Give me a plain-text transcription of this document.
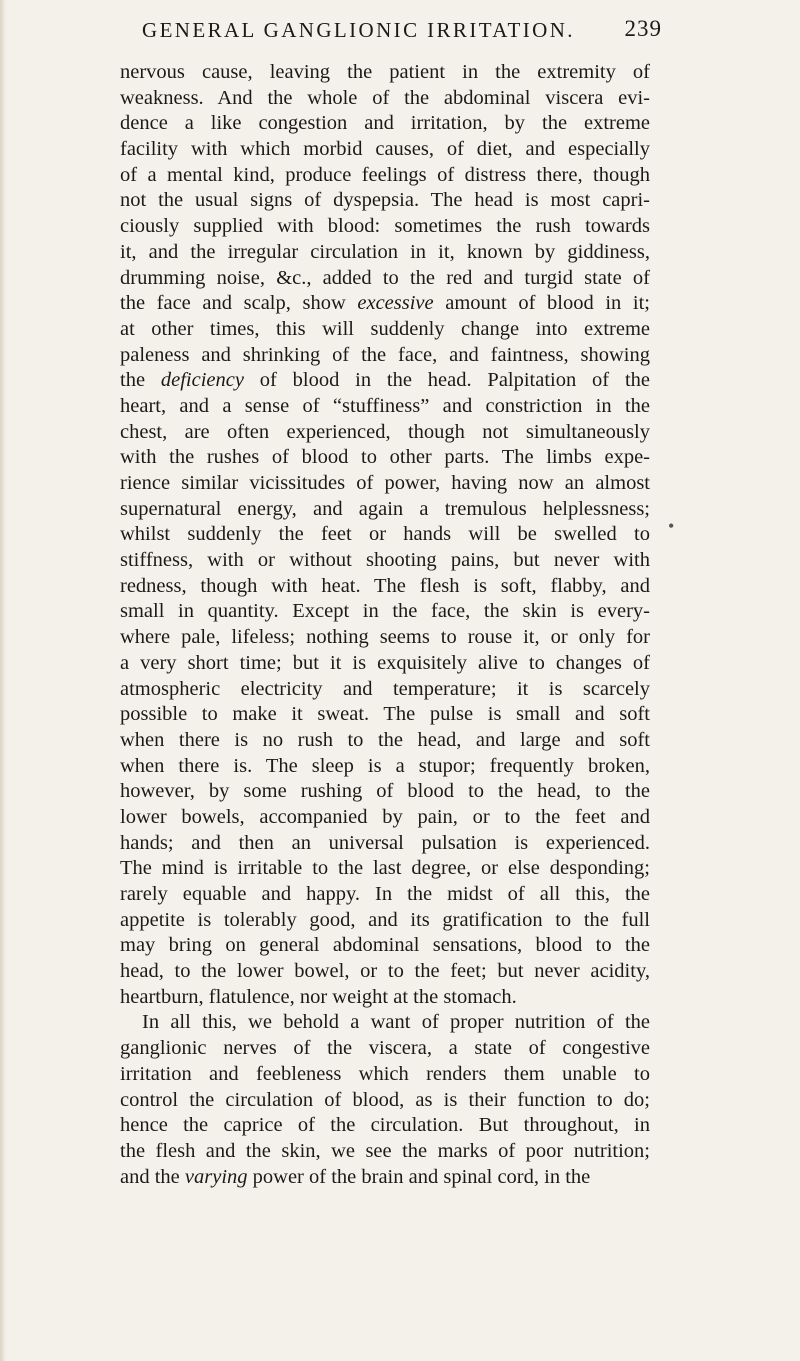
GENERAL GANGLIONIC IRRITATION. 239
•
nervous cause, leaving the patient in the extremity of
weakness. And the whole of the abdominal viscera evi-
dence a like congestion and irritation, by the extreme
facility with which morbid causes, of diet, and especially
of a mental kind, produce feelings of distress there, though
not the usual signs of dyspepsia. The head is most capri-
ciously supplied with blood: sometimes the rush towards
it, and the irregular circulation in it, known by giddiness,
drumming noise, &c., added to the red and turgid state of
the face and scalp, show excessive amount of blood in it;
at other times, this will suddenly change into extreme
paleness and shrinking of the face, and faintness, showing
the deficiency of blood in the head. Palpitation of the
heart, and a sense of “stuffiness” and constriction in the
chest, are often experienced, though not simultaneously
with the rushes of blood to other parts. The limbs expe-
rience similar vicissitudes of power, having now an almost
supernatural energy, and again a tremulous helplessness;
whilst suddenly the feet or hands will be swelled to
stiffness, with or without shooting pains, but never with
redness, though with heat. The flesh is soft, flabby, and
small in quantity. Except in the face, the skin is every-
where pale, lifeless; nothing seems to rouse it, or only for
a very short time; but it is exquisitely alive to changes of
atmospheric electricity and temperature; it is scarcely
possible to make it sweat. The pulse is small and soft
when there is no rush to the head, and large and soft
when there is. The sleep is a stupor; frequently broken,
however, by some rushing of blood to the head, to the
lower bowels, accompanied by pain, or to the feet and
hands; and then an universal pulsation is experienced.
The mind is irritable to the last degree, or else desponding;
rarely equable and happy. In the midst of all this, the
appetite is tolerably good, and its gratification to the full
may bring on general abdominal sensations, blood to the
head, to the lower bowel, or to the feet; but never acidity,
heartburn, flatulence, nor weight at the stomach.
In all this, we behold a want of proper nutrition of the
ganglionic nerves of the viscera, a state of congestive
irritation and feebleness which renders them unable to
control the circulation of blood, as is their function to do;
hence the caprice of the circulation. But throughout, in
the flesh and the skin, we see the marks of poor nutrition;
and the varying power of the brain and spinal cord, in the
